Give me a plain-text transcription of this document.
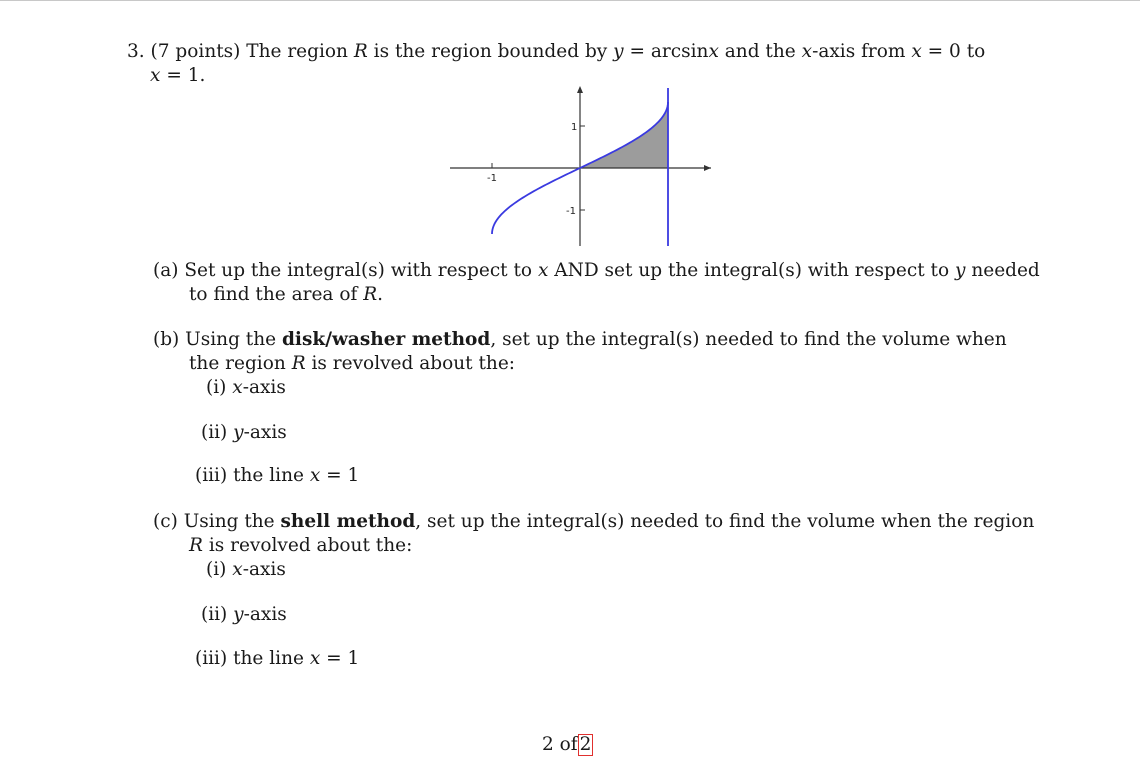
3. (7 points) The region R is the region bounded by y = arcsinx and the x-axis from x = 0 to
x = 1.
1
-1
-1
(a) Set up the integral(s) with respect to x AND set up the integral(s) with respect to y needed
to find the area of R.
(b) Using the disk/washer method, set up the integral(s) needed to find the volume when
the region R is revolved about the:
(i) x-axis
(ii) y-axis
(iii) the line x = 1
(c) Using the shell method, set up the integral(s) needed to find the volume when the region
R is revolved about the:
(i) x-axis
(ii) y-axis
(iii) the line x = 1
2 of 2
